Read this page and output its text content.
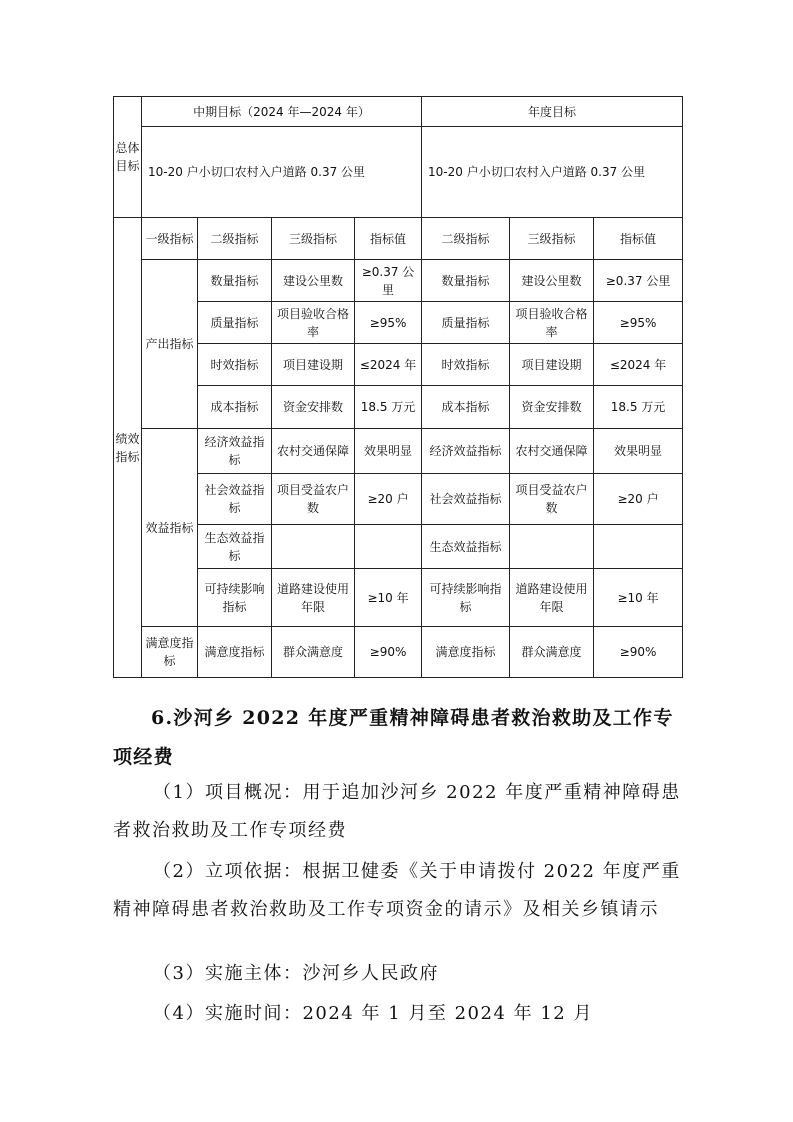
总体目标	中期目标（2024 年—2024 年）				年度目标		
	10-20 户小切口农村入户道路 0.37 公里				10-20 户小切口农村入户道路 0.37 公里		
绩效指标	一级指标	二级指标	三级指标	指标值	二级指标	三级指标	指标值
	产出指标	数量指标	建设公里数	≥0.37 公里	数量指标	建设公里数	≥0.37 公里
		质量指标	项目验收合格率	≥95%	质量指标	项目验收合格率	≥95%
		时效指标	项目建设期	≤2024 年	时效指标	项目建设期	≤2024 年
		成本指标	资金安排数	18.5 万元	成本指标	资金安排数	18.5 万元
	效益指标	经济效益指标	农村交通保障	效果明显	经济效益指标	农村交通保障	效果明显
		社会效益指标	项目受益农户数	≥20 户	社会效益指标	项目受益农户数	≥20 户
		生态效益指标			生态效益指标		
		可持续影响指标	道路建设使用年限	≥10 年	可持续影响指标	道路建设使用年限	≥10 年
	满意度指标	满意度指标	群众满意度	≥90%	满意度指标	群众满意度	≥90%
6.沙河乡 2022 年度严重精神障碍患者救治救助及工作专项经费
（1）项目概况：用于追加沙河乡 2022 年度严重精神障碍患者救治救助及工作专项经费
（2）立项依据：根据卫健委《关于申请拨付 2022 年度严重精神障碍患者救治救助及工作专项资金的请示》及相关乡镇请示
（3）实施主体：沙河乡人民政府
（4）实施时间：2024 年 1 月至 2024 年 12 月
